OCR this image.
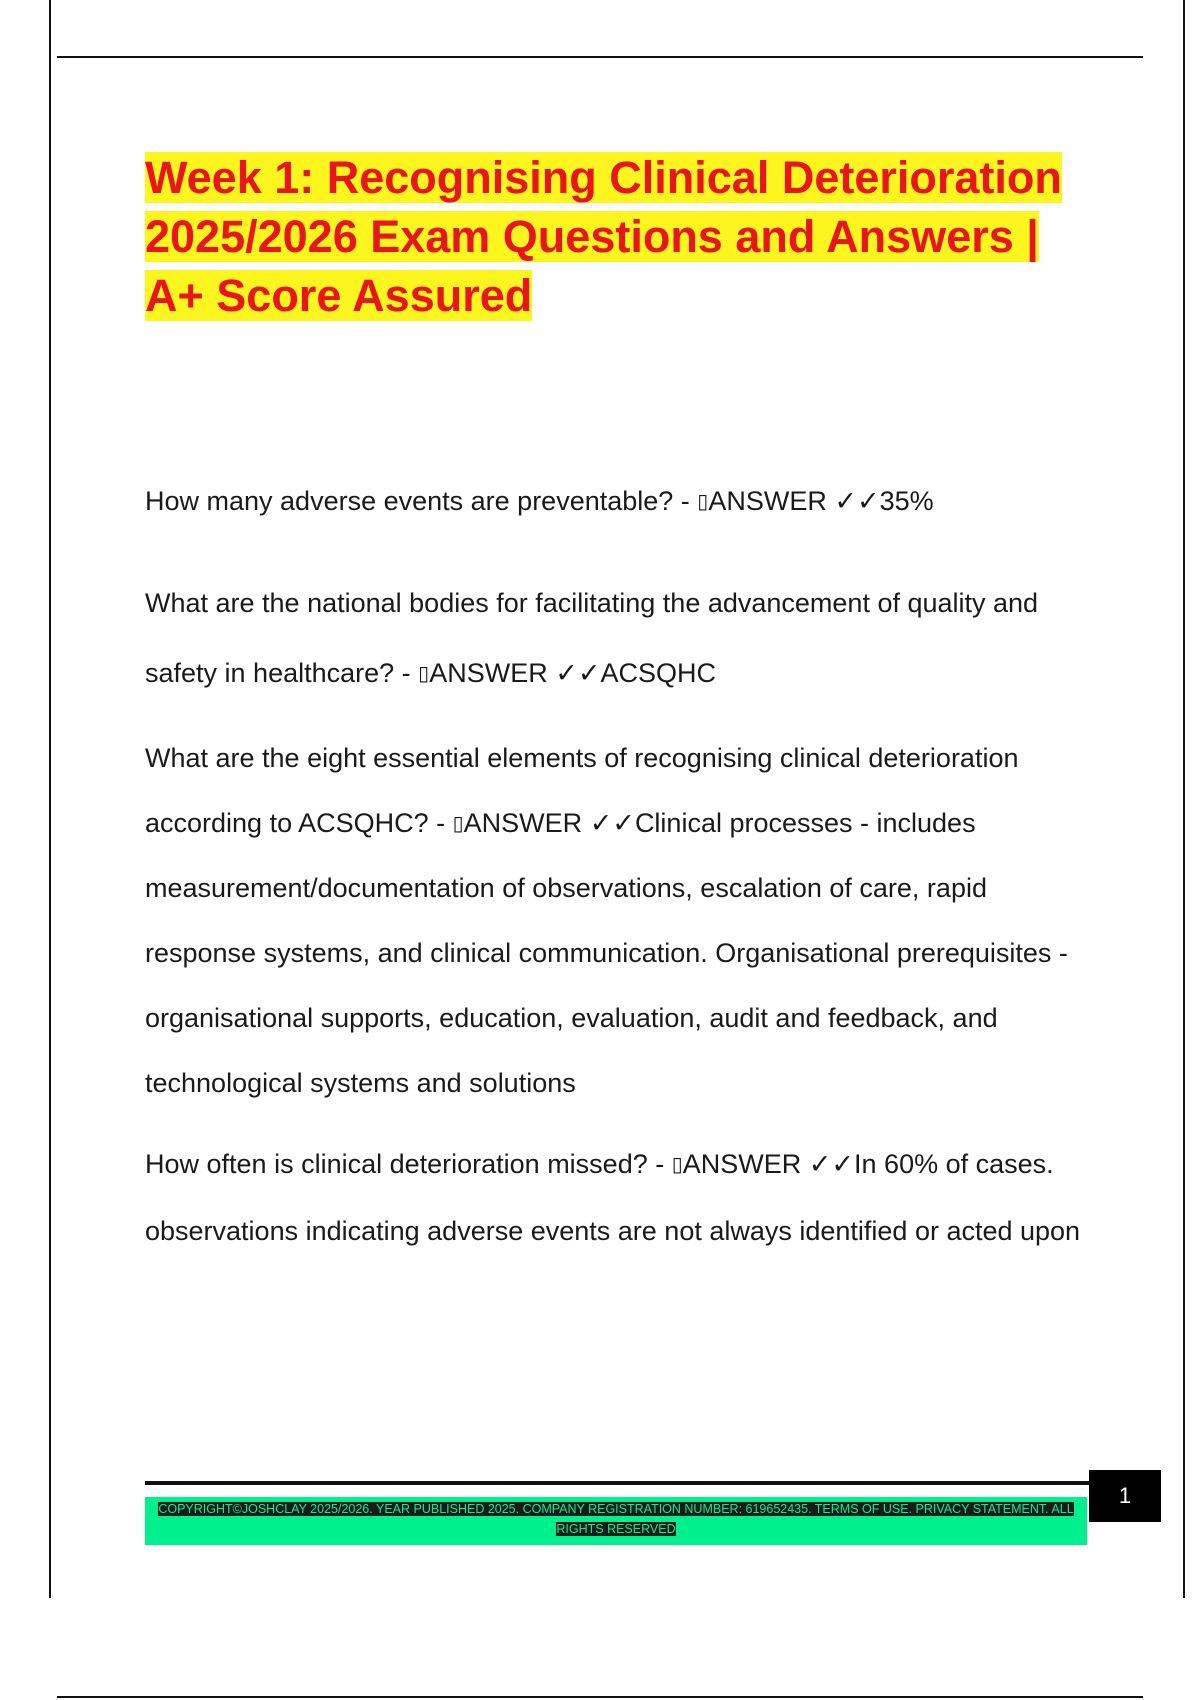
Week 1: Recognising Clinical Deterioration 2025/2026 Exam Questions and Answers | A+ Score Assured

How many adverse events are preventable? - ▯ANSWER ✓✓35%

What are the national bodies for facilitating the advancement of quality and safety in healthcare? - ▯ANSWER ✓✓ACSQHC

What are the eight essential elements of recognising clinical deterioration according to ACSQHC? - ▯ANSWER ✓✓Clinical processes - includes measurement/documentation of observations, escalation of care, rapid response systems, and clinical communication. Organisational prerequisites - organisational supports, education, evaluation, audit and feedback, and technological systems and solutions

How often is clinical deterioration missed? - ▯ANSWER ✓✓In 60% of cases. observations indicating adverse events are not always identified or acted upon

COPYRIGHT©JOSHCLAY 2025/2026. YEAR PUBLISHED 2025. COMPANY REGISTRATION NUMBER: 619652435. TERMS OF USE. PRIVACY STATEMENT. ALL RIGHTS RESERVED
1
